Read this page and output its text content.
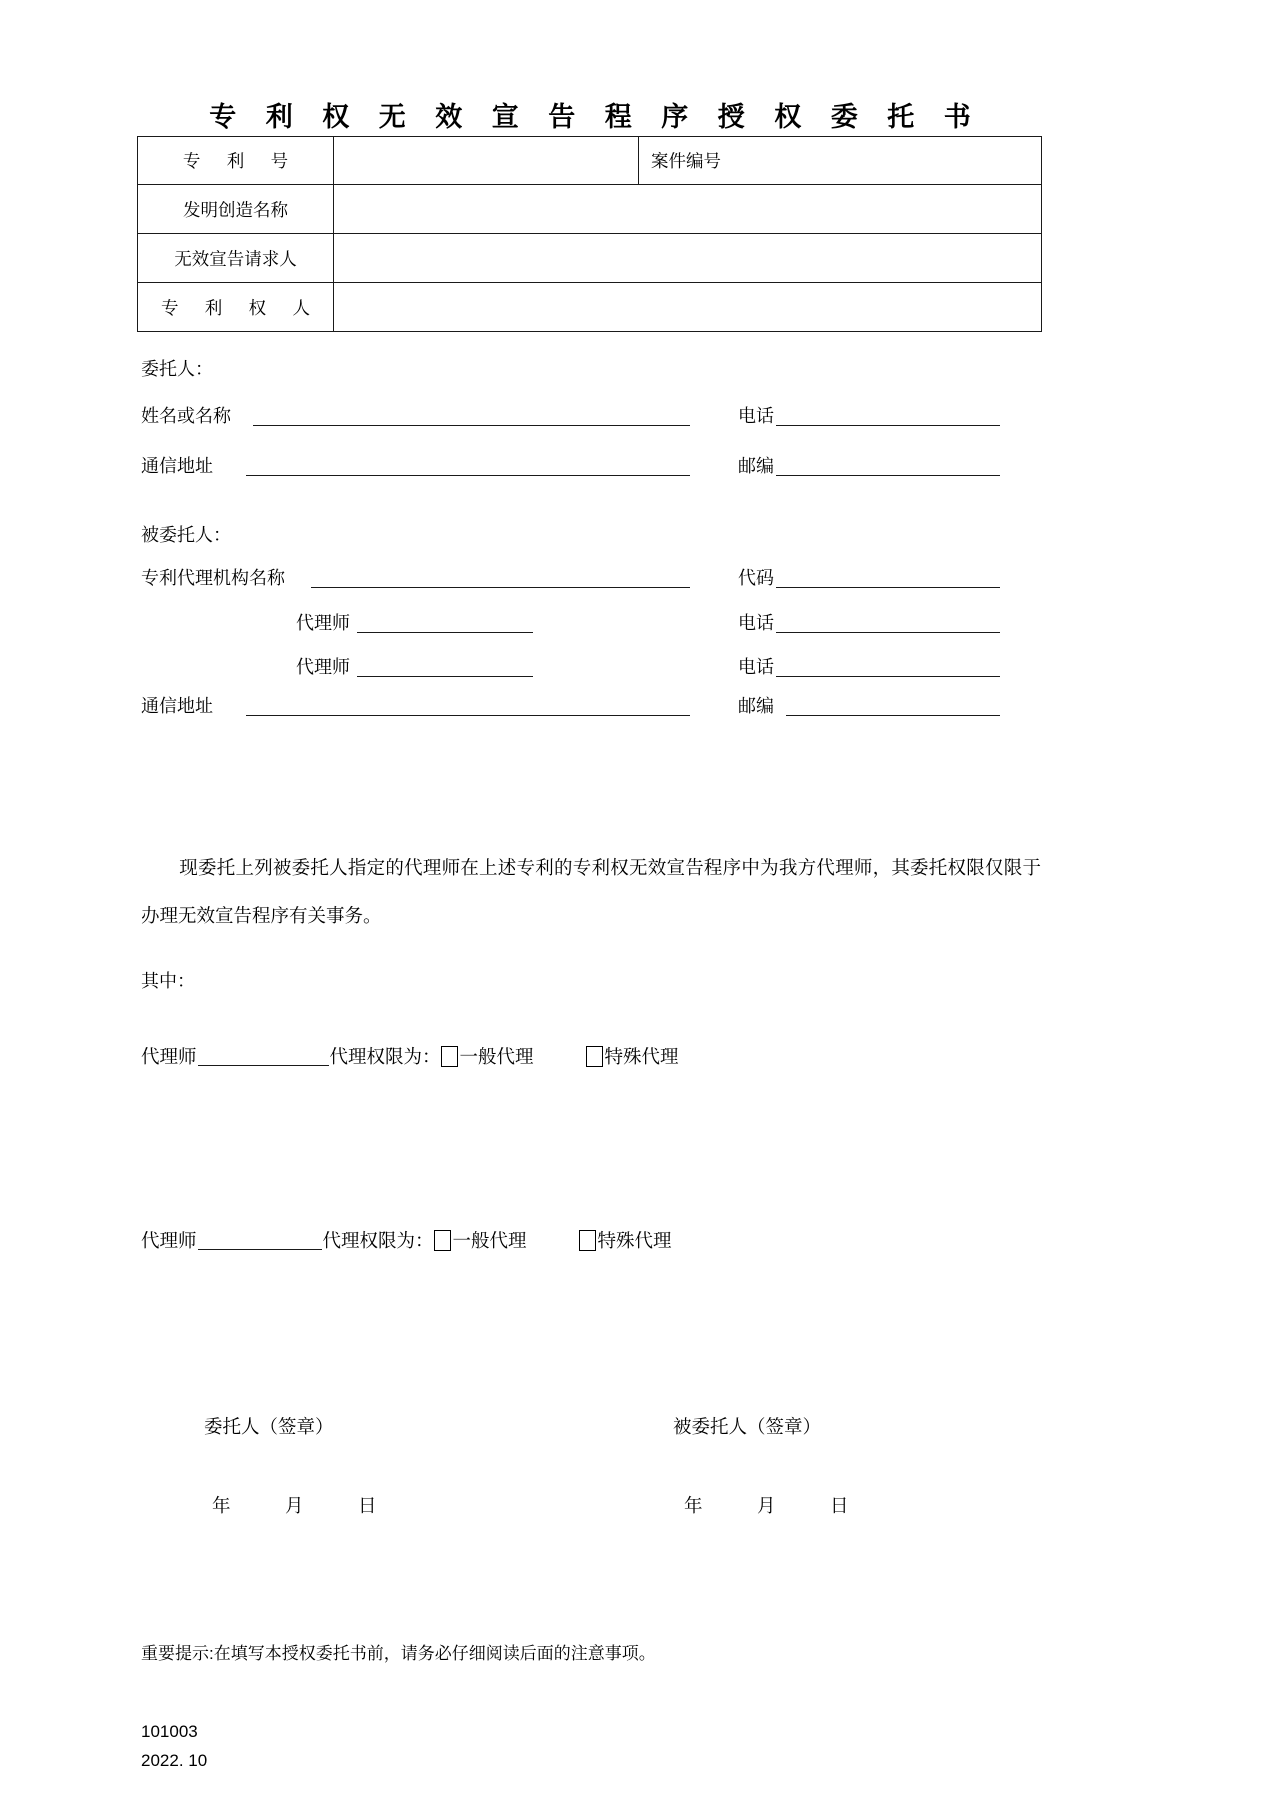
专 利 权 无 效 宣 告 程 序 授 权 委 托 书
专 利 号		案件编号
发明创造名称		
无效宣告请求人		
专 利 权 人		
委托人：
姓名或名称	电话
通信地址	邮编
被委托人：
专利代理机构名称	代码
代理师	电话
代理师	电话
通信地址	邮编
现委托上列被委托人指定的代理师在上述专利的专利权无效宣告程序中为我方代理师，其委托权限仅限于办理无效宣告程序有关事务。
其中：
代理师	代理权限为： 一般代理	特殊代理
代理师	代理权限为： 一般代理	特殊代理
委托人（签章）	被委托人（签章）
年　月　日	年　月　日
重要提示:在填写本授权委托书前，请务必仔细阅读后面的注意事项。
101003
2022. 10
